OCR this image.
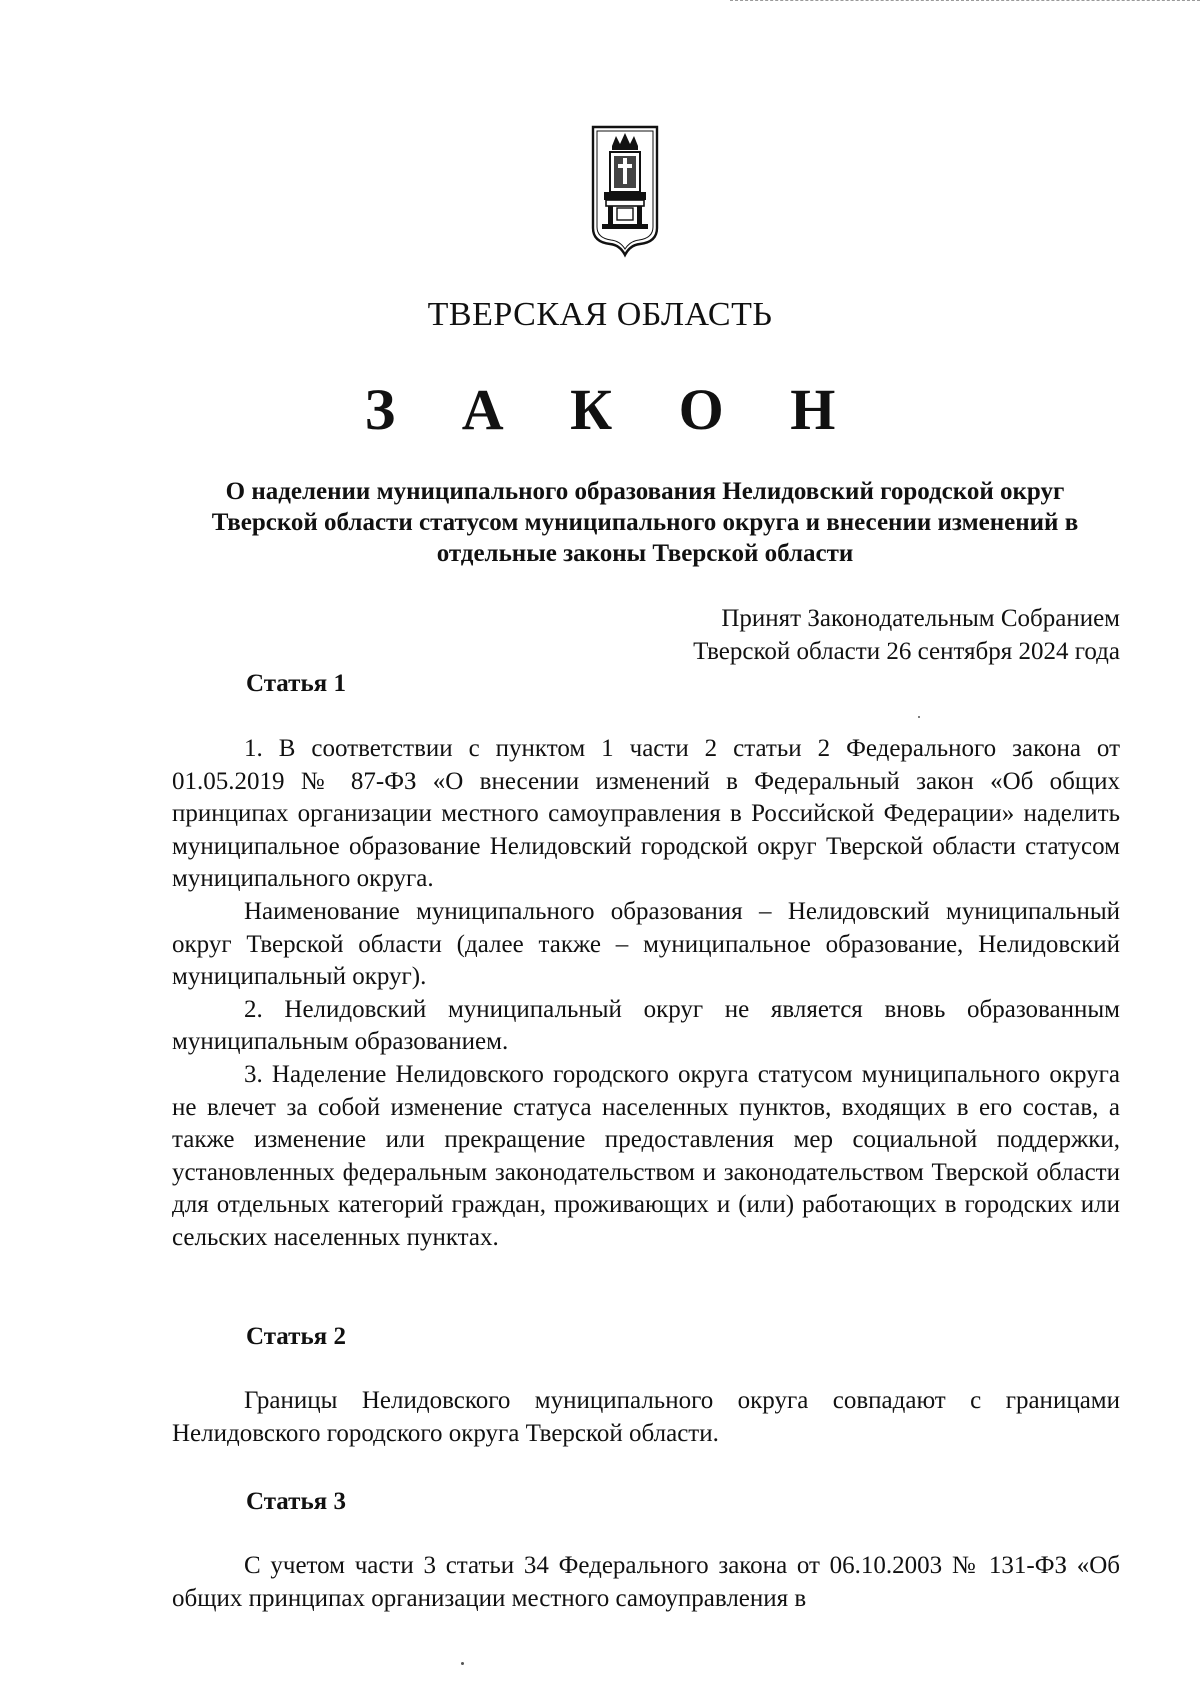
ТВЕРСКАЯ ОБЛАСТЬ
З А К О Н
О наделении муниципального образования Нелидовский городской округ Тверской области статусом муниципального округа и внесении изменений в отдельные законы Тверской области
Принят Законодательным Собранием
Тверской области 26 сентября 2024 года
Статья 1

1. В соответствии с пунктом 1 части 2 статьи 2 Федерального закона от 01.05.2019 № 87-ФЗ «О внесении изменений в Федеральный закон «Об общих принципах организации местного самоуправления в Российской Федерации» наделить муниципальное образование Нелидовский городской округ Тверской области статусом муниципального округа.

Наименование муниципального образования – Нелидовский муниципальный округ Тверской области (далее также – муниципальное образование, Нелидовский муниципальный округ).

2. Нелидовский муниципальный округ не является вновь образованным муниципальным образованием.

3. Наделение Нелидовского городского округа статусом муниципального округа не влечет за собой изменение статуса населенных пунктов, входящих в его состав, а также изменение или прекращение предоставления мер социальной поддержки, установленных федеральным законодательством и законодательством Тверской области для отдельных категорий граждан, проживающих и (или) работающих в городских или сельских населенных пунктах.

Статья 2

Границы Нелидовского муниципального округа совпадают с границами Нелидовского городского округа Тверской области.

Статья 3

С учетом части 3 статьи 34 Федерального закона от 06.10.2003 № 131-ФЗ «Об общих принципах организации местного самоуправления в
